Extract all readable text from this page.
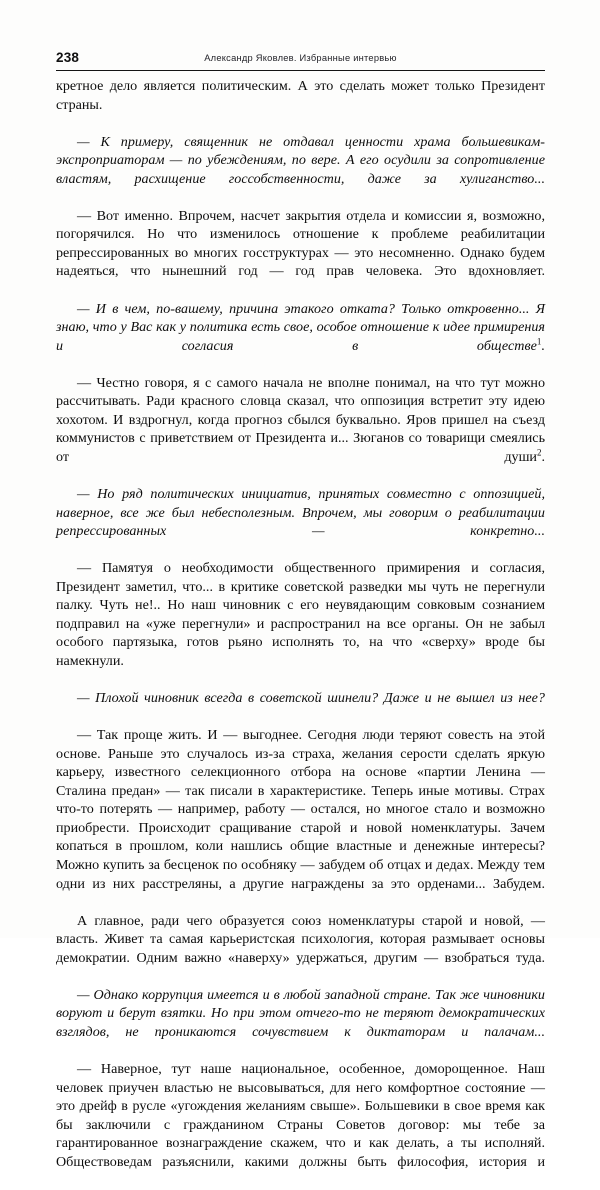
238	Александр Яковлев. Избранные интервью

кретное дело является политическим. А это сделать может только Президент страны.

— К примеру, священник не отдавал ценности храма большевикам-экспроприаторам — по убеждениям, по вере. А его осудили за сопротивление властям, расхищение госсобственности, даже за хулиганство...

— Вот именно. Впрочем, насчет закрытия отдела и комиссии я, возможно, погорячился. Но что изменилось отношение к проблеме реабилитации репрессированных во многих госструктурах — это несомненно. Однако будем надеяться, что нынешний год — год прав человека. Это вдохновляет.

— И в чем, по-вашему, причина этакого отката? Только откровенно... Я знаю, что у Вас как у политика есть свое, особое отношение к идее примирения и согласия в обществе$^1$.

— Честно говоря, я с самого начала не вполне понимал, на что тут можно рассчитывать. Ради красного словца сказал, что оппозиция встретит эту идею хохотом. И вздрогнул, когда прогноз сбылся буквально. Яров пришел на съезд коммунистов с приветствием от Президента и... Зюганов со товарищи смеялись от души$^2$.

— Но ряд политических инициатив, принятых совместно с оппозицией, наверное, все же был небесполезным. Впрочем, мы говорим о реабилитации репрессированных — конкретно...

— Памятуя о необходимости общественного примирения и согласия, Президент заметил, что... в критике советской разведки мы чуть не перегнули палку. Чуть не!.. Но наш чиновник с его неувядающим совковым сознанием подправил на «уже перегнули» и распространил на все органы. Он не забыл особого партязыка, готов рьяно исполнять то, на что «сверху» вроде бы намекнули.

— Плохой чиновник всегда в советской шинели? Даже и не вышел из нее?

— Так проще жить. И — выгоднее. Сегодня люди теряют совесть на этой основе. Раньше это случалось из-за страха, желания серости сделать яркую карьеру, известного селекционного отбора на основе «партии Ленина — Сталина предан» — так писали в характеристике. Теперь иные мотивы. Страх что-то потерять — например, работу — остался, но многое стало и возможно приобрести. Происходит сращивание старой и новой номенклатуры. Зачем копаться в прошлом, коли нашлись общие властные и денежные интересы? Можно купить за бесценок по особняку — забудем об отцах и дедах. Между тем одни из них расстреляны, а другие награждены за это орденами... Забудем.

А главное, ради чего образуется союз номенклатуры старой и новой, — власть. Живет та самая карьеристская психология, которая размывает основы демократии. Одним важно «наверху» удержаться, другим — взобраться туда.

— Однако коррупция имеется и в любой западной стране. Так же чиновники воруют и берут взятки. Но при этом отчего-то не теряют демократических взглядов, не проникаются сочувствием к диктаторам и палачам...

— Наверное, тут наше национальное, особенное, доморощенное. Наш человек приучен властью не высовываться, для него комфортное состояние — это дрейф в русле «угождения желаниям свыше». Большевики в свое время как бы заключили с гражданином Страны Советов договор: мы тебе за гарантированное вознаграждение скажем, что и как делать, а ты исполняй. Обществоведам разъяснили, какими должны быть философия, история и
